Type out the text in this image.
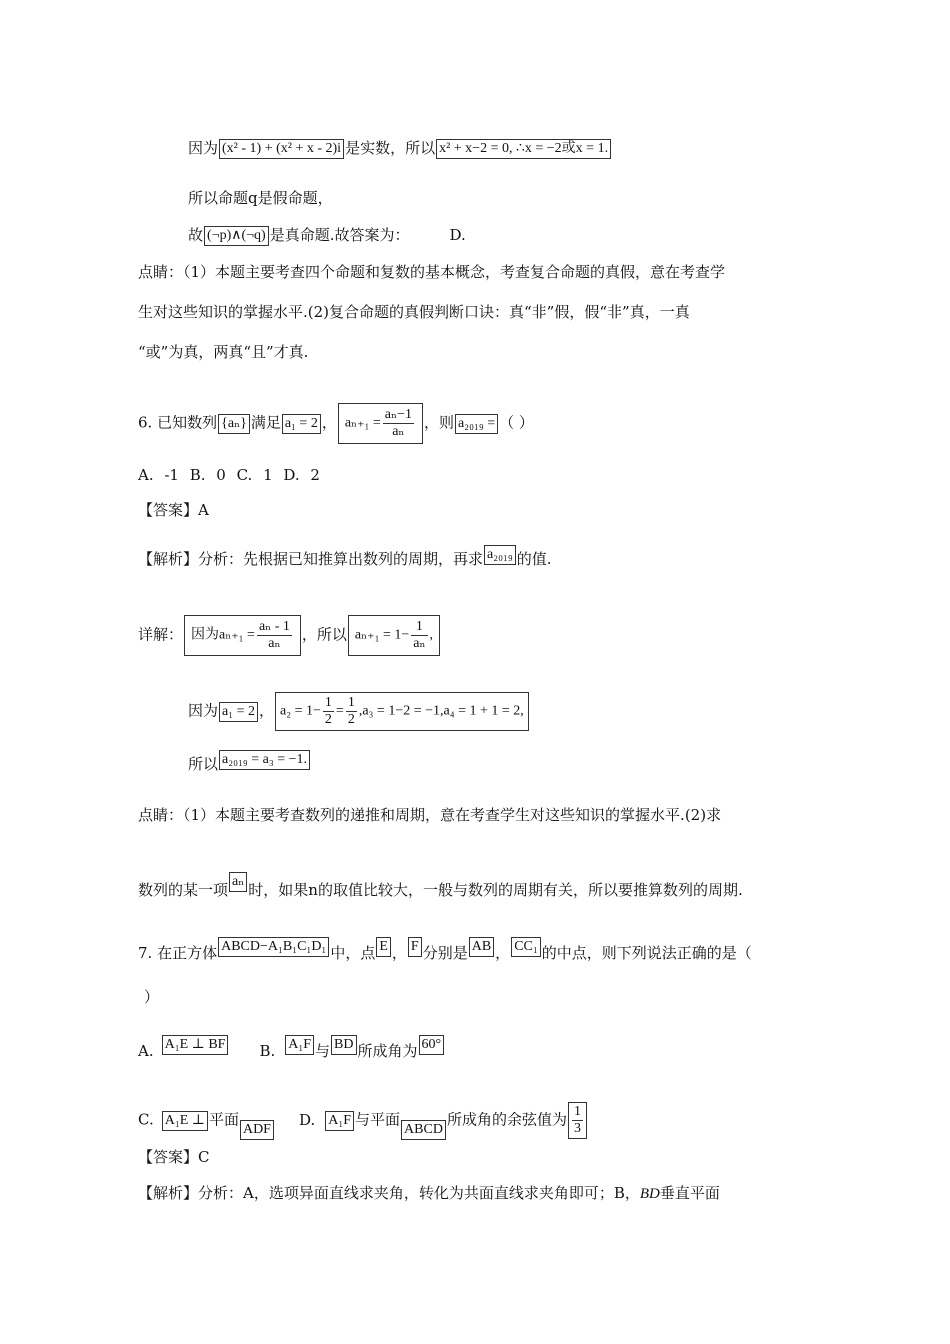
因为 (x² - 1) + (x² + x - 2)i 是实数，所以 x² + x−2 = 0, ∴x = −2或x = 1.
所以命题q是假命题，
故 (¬p)∧(¬q) 是真命题.故答案为：	D.
点睛：（1）本题主要考查四个命题和复数的基本概念，考查复合命题的真假，意在考查学
生对这些知识的掌握水平.(2)复合命题的真假判断口诀：真“非”假，假“非”真，一真
“或”为真，两真“且”才真.
6. 已知数列 {aₙ} 满足 a₁ = 2 ， $a_{n+1} = \frac{\text{aₙ−1}}{\text{aₙ}}$ ，则 a₂₀₁₉ = （ ）
A. -1 B. 0 C. 1 D. 2
【答案】A
【解析】分析：先根据已知推算出数列的周期，再求 a₂₀₁₉ 的值.
详解： 因为$a_{n+1} = \frac{\text{aₙ - 1}}{\text{aₙ}}$ ，所以 $a_{n+1} = 1- \frac{1}{\text{aₙ}}$ ,
因为 a₁ = 2 ， $a_2 = 1- \frac{1}{2} = \frac{1}{2} ,a_3 = 1-2 = -1,a_4 = 1 + 1 = 2$,
所以 a₂₀₁₉ = a₃ = −1.
点睛：（1）本题主要考查数列的递推和周期，意在考查学生对这些知识的掌握水平.(2)求
数列的某一项 aₙ 时，如果n的取值比较大，一般与数列的周期有关，所以要推算数列的周期.
7. 在正方体 ABCD−A₁B₁C₁D₁ 中，点 E ， F 分别是 AB ， CC₁ 的中点，则下列说法正确的是（
）
A. A₁E ⊥ BF B. A₁F 与 BD 所成角为 60°
C. A₁E ⊥ 平面ADFD. A₁F 与平面ABCD所成角的余弦值为 $\frac{1}{3}$
【答案】C
【解析】分析：A，选项异面直线求夹角，转化为共面直线求夹角即可；B，BD垂直平面
